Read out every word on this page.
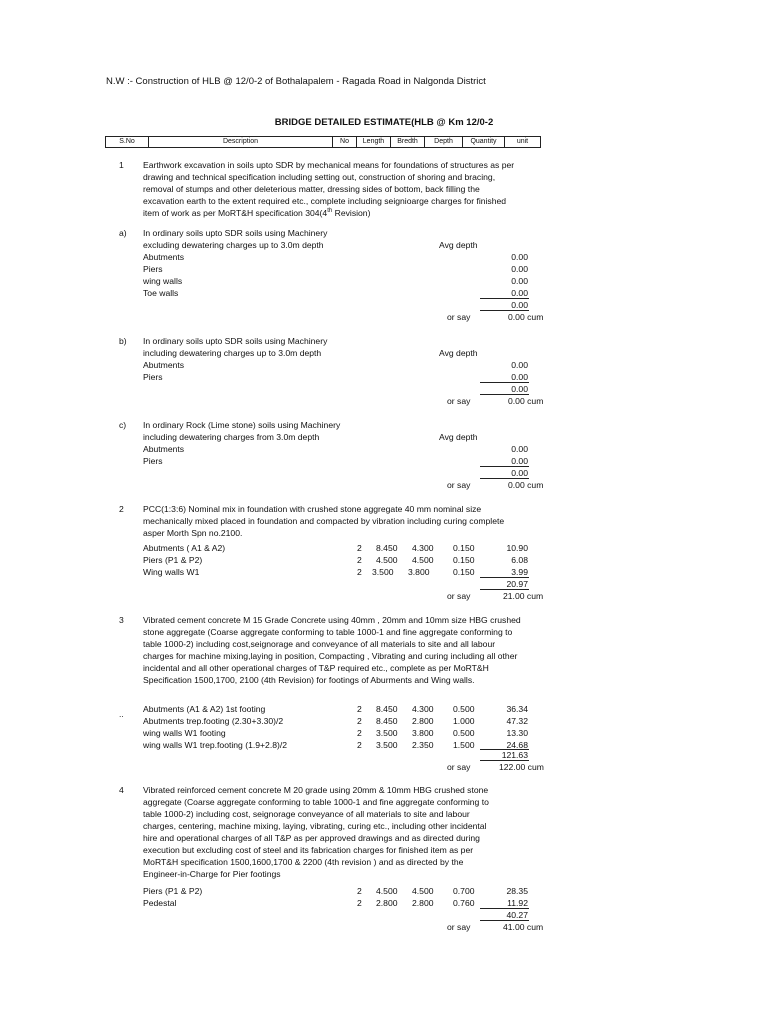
N.W :- Construction of HLB @ 12/0-2 of Bothalapalem - Ragada Road in Nalgonda District
BRIDGE DETAILED ESTIMATE(HLB @ Km 12/0-2
S.No	Description	No	Length	Bredth	Depth	Quantity	unit
1 Earthwork excavation in soils upto SDR by mechanical means for foundations of structures as per
drawing and technical specification including setting out, construction of shoring and bracing,
removal of stumps and other deleterious matter, dressing sides of bottom, back filling the
excavation earth to the extent required etc., complete including seignioarge charges for finished
item of work as per MoRT&H specification 304(4th Revision)
a) In ordinary soils upto SDR soils using Machinery
excluding dewatering charges up to 3.0m depth	Avg depth
Abutments	0.00
Piers	0.00
wing walls	0.00
Toe walls	0.00
0.00
or say	0.00 cum
b) In ordinary soils upto SDR soils using Machinery
including dewatering charges up to 3.0m depth	Avg depth
Abutments	0.00
Piers	0.00
0.00
or say	0.00 cum
c) In ordinary Rock (Lime stone) soils using Machinery
including dewatering charges from 3.0m depth	Avg depth
Abutments	0.00
Piers	0.00
0.00
or say	0.00 cum
2 PCC(1:3:6) Nominal mix in foundation with crushed stone aggregate 40 mm nominal size
mechanically mixed placed in foundation and compacted by vibration including curing complete
asper Morth Spn no.2100.
Abutments ( A1 & A2)	2 8.450 4.300 0.150	10.90
Piers (P1 & P2)	2 4.500 4.500 0.150	6.08
Wing walls W1	2 3.500 3.800	0.150	3.99
20.97
or say	21.00 cum
3 Vibrated cement concrete M 15 Grade Concrete using 40mm , 20mm and 10mm size HBG crushed
stone aggregate (Coarse aggregate conforming to table 1000-1 and fine aggregate conforming to
table 1000-2) including cost,seignorage and conveyance of all materials to site and all labour
charges for machine mixing,laying in position, Compacting , Vibrating and curing including all other
incidental and all other operational charges of T&P required etc., complete as per MoRT&H
Specification 1500,1700, 2100 (4th Revision) for footings of Aburments and Wing walls.
.. Abutments (A1 & A2) 1st footing	2 8.450 4.300 0.500	36.34
Abutments trep.footing (2.30+3.30)/2	2 8.450 2.800 1.000	47.32
wing walls W1 footing	2 3.500 3.800 0.500	13.30
wing walls W1 trep.footing (1.9+2.8)/2	2 3.500 2.350 1.500	24.68
121.63
or say	122.00 cum
4 Vibrated reinforced cement concrete M 20 grade using 20mm & 10mm HBG crushed stone
aggregate (Coarse aggregate conforming to table 1000-1 and fine aggregate conforming to
table 1000-2) including cost, seignorage conveyance of all materials to site and labour
charges, centering, machine mixing, laying, vibrating, curing etc., including other incidental
hire and operational charges of all T&P as per approved drawings and as directed during
execution but excluding cost of steel and its fabrication charges for finished item as per
MoRT&H specification 1500,1600,1700 & 2200 (4th revision ) and as directed by the
Engineer-in-Charge for Pier footings
Piers (P1 & P2)	2 4.500 4.500 0.700	28.35
Pedestal	2 2.800 2.800 0.760	11.92
40.27
or say	41.00 cum
